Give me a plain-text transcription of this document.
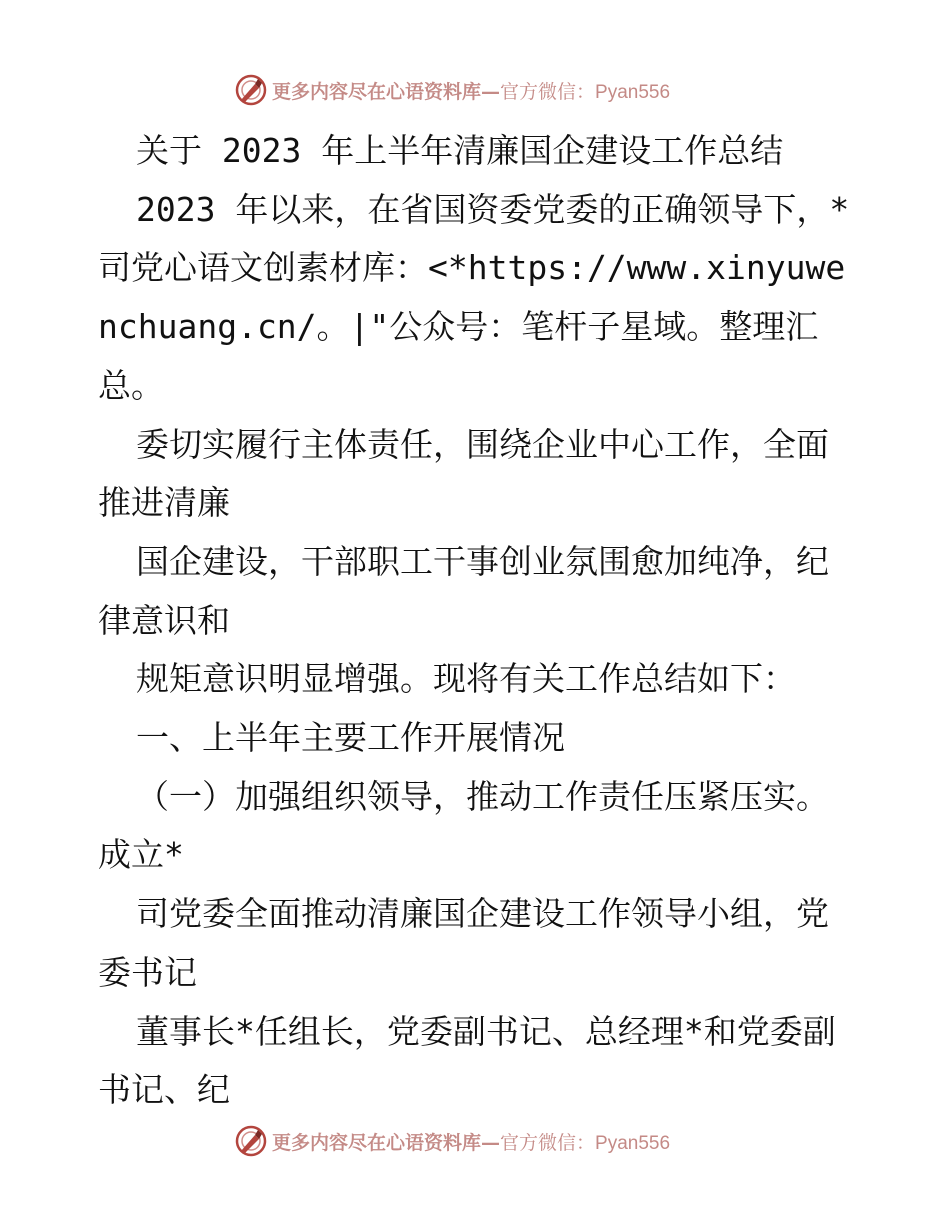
更多内容尽在心语资料库—官方微信：Pyan556

关于 2023 年上半年清廉国企建设工作总结

2023 年以来，在省国资委党委的正确领导下，*司党心语文创素材库：<*https://www.xinyuwenchuang.cn/。|"公众号：笔杆子星域。整理汇总。

委切实履行主体责任，围绕企业中心工作，全面推进清廉

国企建设，干部职工干事创业氛围愈加纯净，纪律意识和

规矩意识明显增强。现将有关工作总结如下：

一、上半年主要工作开展情况

（一）加强组织领导，推动工作责任压紧压实。成立*

司党委全面推动清廉国企建设工作领导小组，党委书记

董事长*任组长，党委副书记、总经理*和党委副书记、纪

更多内容尽在心语资料库—官方微信：Pyan556
